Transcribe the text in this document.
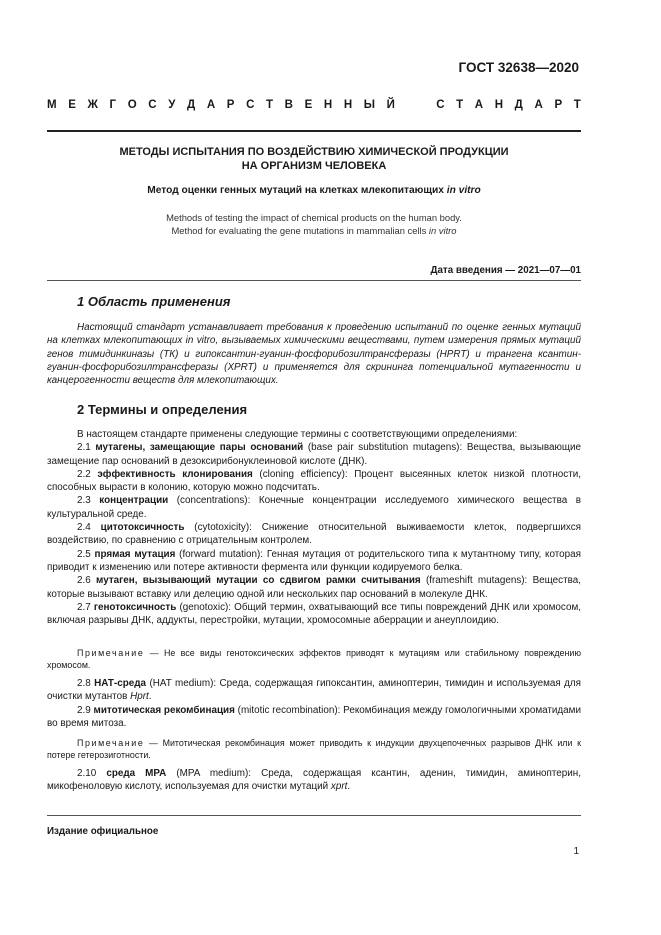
ГОСТ 32638—2020
М Е Ж Г О С У Д А Р С Т В Е Н Н Ы Й

	С Т А Н Д А Р Т
МЕТОДЫ ИСПЫТАНИЯ ПО ВОЗДЕЙСТВИЮ ХИМИЧЕСКОЙ ПРОДУКЦИИ
НА ОРГАНИЗМ ЧЕЛОВЕКА
Метод оценки генных мутаций на клетках млекопитающих in vitro
Methods of testing the impact of chemical products on the human body.
Method for evaluating the gene mutations in mammalian cells in vitro
Дата введения — 2021—07—01
1 Область применения

Настоящий стандарт устанавливает требования к проведению испытаний по оценке генных мутаций на клетках млекопитающих in vitro, вызываемых химическими веществами, путем измерения прямых мутаций генов тимидинкиназы (ТК) и гипоксантин-гуанин-фосфорибозилтрансферазы (HPRT) и трангена ксантин-гуанин-фосфорибозилтрансферазы (XPRT) и применяется для скрининга потенциальной мутагенности и канцерогенности веществ для млекопитающих.

2 Термины и определения

В настоящем стандарте применены следующие термины с соответствующими определениями:

2.1 мутагены, замещающие пары оснований (base pair substitution mutagens): Вещества, вызывающие замещение пар оснований в дезоксирибонуклеиновой кислоте (ДНК).

2.2 эффективность клонирования (cloning efficiency): Процент высеянных клеток низкой плотности, способных вырасти в колонию, которую можно подсчитать.

2.3 концентрации (concentrations): Конечные концентрации исследуемого химического вещества в культуральной среде.

2.4 цитотоксичность (cytotoxicity): Снижение относительной выживаемости клеток, подвергшихся воздействию, по сравнению с отрицательным контролем.

2.5 прямая мутация (forward mutation): Генная мутация от родительского типа к мутантному типу, которая приводит к изменению или потере активности фермента или функции кодируемого белка.

2.6 мутаген, вызывающий мутации со сдвигом рамки считывания (frameshift mutagens): Вещества, которые вызывают вставку или делецию одной или нескольких пар оснований в молекуле ДНК.

2.7 генотоксичность (genotoxic): Общий термин, охватывающий все типы повреждений ДНК или хромосом, включая разрывы ДНК, аддукты, перестройки, мутации, хромосомные аберрации и анеуплоидию.

Примечание — Не все виды генотоксических эффектов приводят к мутациям или стабильному повреждению хромосом.

2.8 НАТ-среда (HAT medium): Среда, содержащая гипоксантин, аминоптерин, тимидин и используемая для очистки мутантов Hprt.

2.9 митотическая рекомбинация (mitotic recombination): Рекомбинация между гомологичными хроматидами во время митоза.

Примечание — Митотическая рекомбинация может приводить к индукции двухцепочечных разрывов ДНК или к потере гетерозиготности.

2.10 среда МРА (MPA medium): Среда, содержащая ксантин, аденин, тимидин, аминоптерин, микофеноловую кислоту, используемая для очистки мутаций xprt.

Издание официальное
1
